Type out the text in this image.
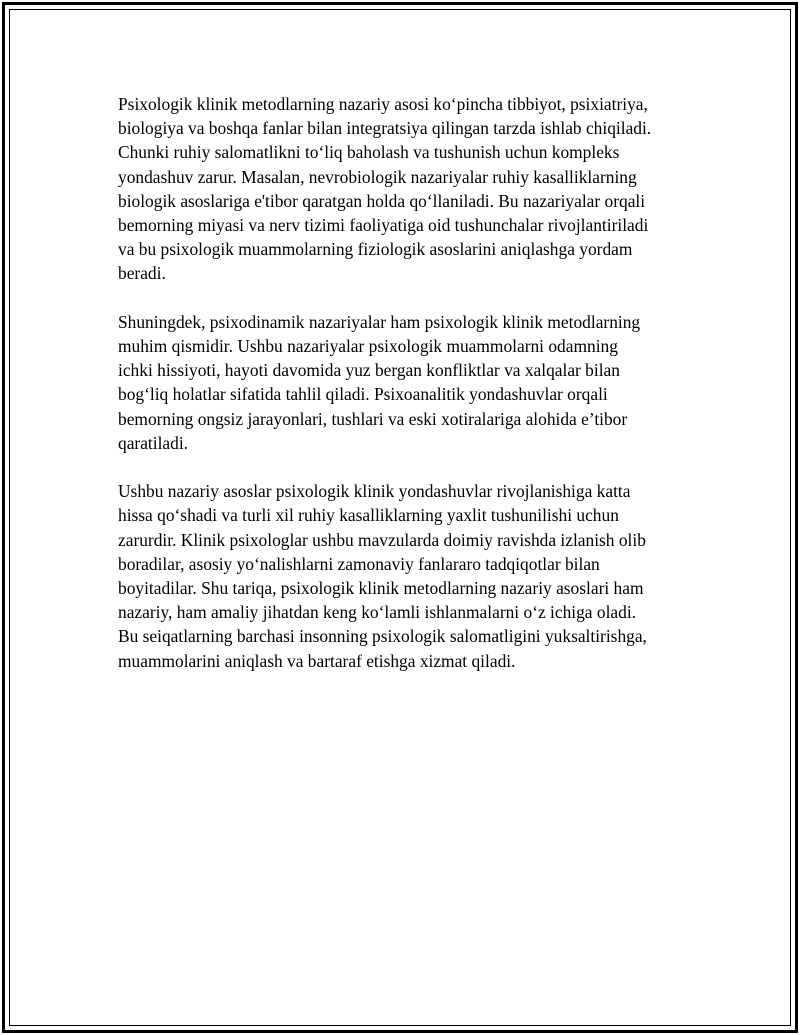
Psixologik klinik metodlarning nazariy asosi ko‘pincha tibbiyot, psixiatriya,
biologiya va boshqa fanlar bilan integratsiya qilingan tarzda ishlab chiqiladi.
Chunki ruhiy salomatlikni to‘liq baholash va tushunish uchun kompleks
yondashuv zarur. Masalan, nevrobiologik nazariyalar ruhiy kasalliklarning
biologik asoslariga e'tibor qaratgan holda qo‘llaniladi. Bu nazariyalar orqali
bemorning miyasi va nerv tizimi faoliyatiga oid tushunchalar rivojlantiriladi
va bu psixologik muammolarning fiziologik asoslarini aniqlashga yordam
beradi.

Shuningdek, psixodinamik nazariyalar ham psixologik klinik metodlarning
muhim qismidir. Ushbu nazariyalar psixologik muammolarni odamning
ichki hissiyoti, hayoti davomida yuz bergan konfliktlar va xalqalar bilan
bog‘liq holatlar sifatida tahlil qiladi. Psixoanalitik yondashuvlar orqali
bemorning ongsiz jarayonlari, tushlari va eski xotiralariga alohida e’tibor
qaratiladi.

Ushbu nazariy asoslar psixologik klinik yondashuvlar rivojlanishiga katta
hissa qo‘shadi va turli xil ruhiy kasalliklarning yaxlit tushunilishi uchun
zarurdir. Klinik psixologlar ushbu mavzularda doimiy ravishda izlanish olib
boradilar, asosiy yo‘nalishlarni zamonaviy fanlararo tadqiqotlar bilan
boyitadilar. Shu tariqa, psixologik klinik metodlarning nazariy asoslari ham
nazariy, ham amaliy jihatdan keng ko‘lamli ishlanmalarni o‘z ichiga oladi.
Bu seiqatlarning barchasi insonning psixologik salomatligini yuksaltirishga,
muammolarini aniqlash va bartaraf etishga xizmat qiladi.
